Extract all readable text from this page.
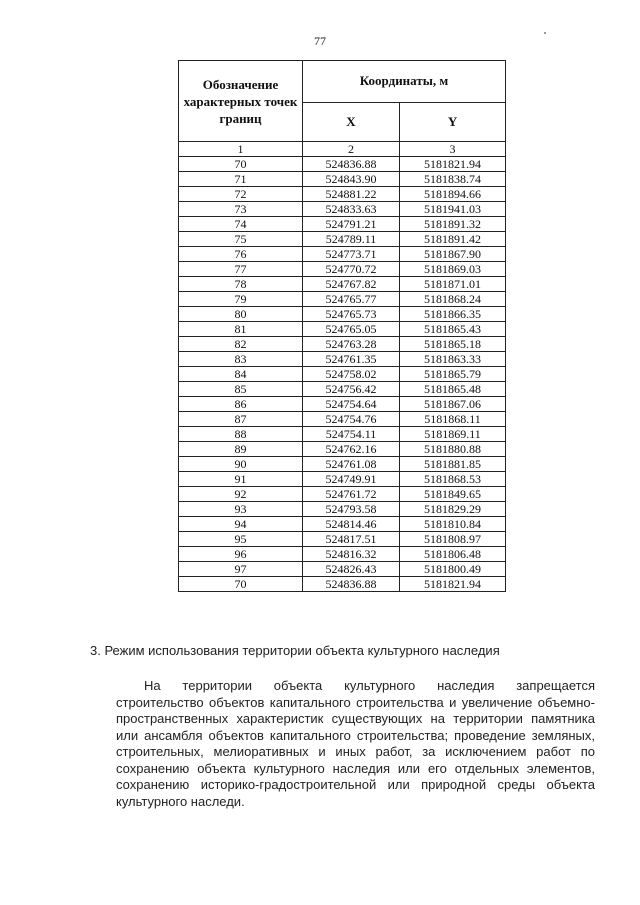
77
Обозначение характерных точек границ	Координаты, м	
	X	Y
1	2	3
70	524836.88	5181821.94
71	524843.90	5181838.74
72	524881.22	5181894.66
73	524833.63	5181941.03
74	524791.21	5181891.32
75	524789.11	5181891.42
76	524773.71	5181867.90
77	524770.72	5181869.03
78	524767.82	5181871.01
79	524765.77	5181868.24
80	524765.73	5181866.35
81	524765.05	5181865.43
82	524763.28	5181865.18
83	524761.35	5181863.33
84	524758.02	5181865.79
85	524756.42	5181865.48
86	524754.64	5181867.06
87	524754.76	5181868.11
88	524754.11	5181869.11
89	524762.16	5181880.88
90	524761.08	5181881.85
91	524749.91	5181868.53
92	524761.72	5181849.65
93	524793.58	5181829.29
94	524814.46	5181810.84
95	524817.51	5181808.97
96	524816.32	5181806.48
97	524826.43	5181800.49
70	524836.88	5181821.94

3. Режим использования территории объекта культурного наследия

На территории объекта культурного наследия запрещается строительство объектов капитального строительства и увеличение объемно-пространственных характеристик существующих на территории памятника или ансамбля объектов капитального строительства; проведение земляных, строительных, мелиоративных и иных работ, за исключением работ по сохранению объекта культурного наследия или его отдельных элементов, сохранению историко-градостроительной или природной среды объекта культурного наследи.
